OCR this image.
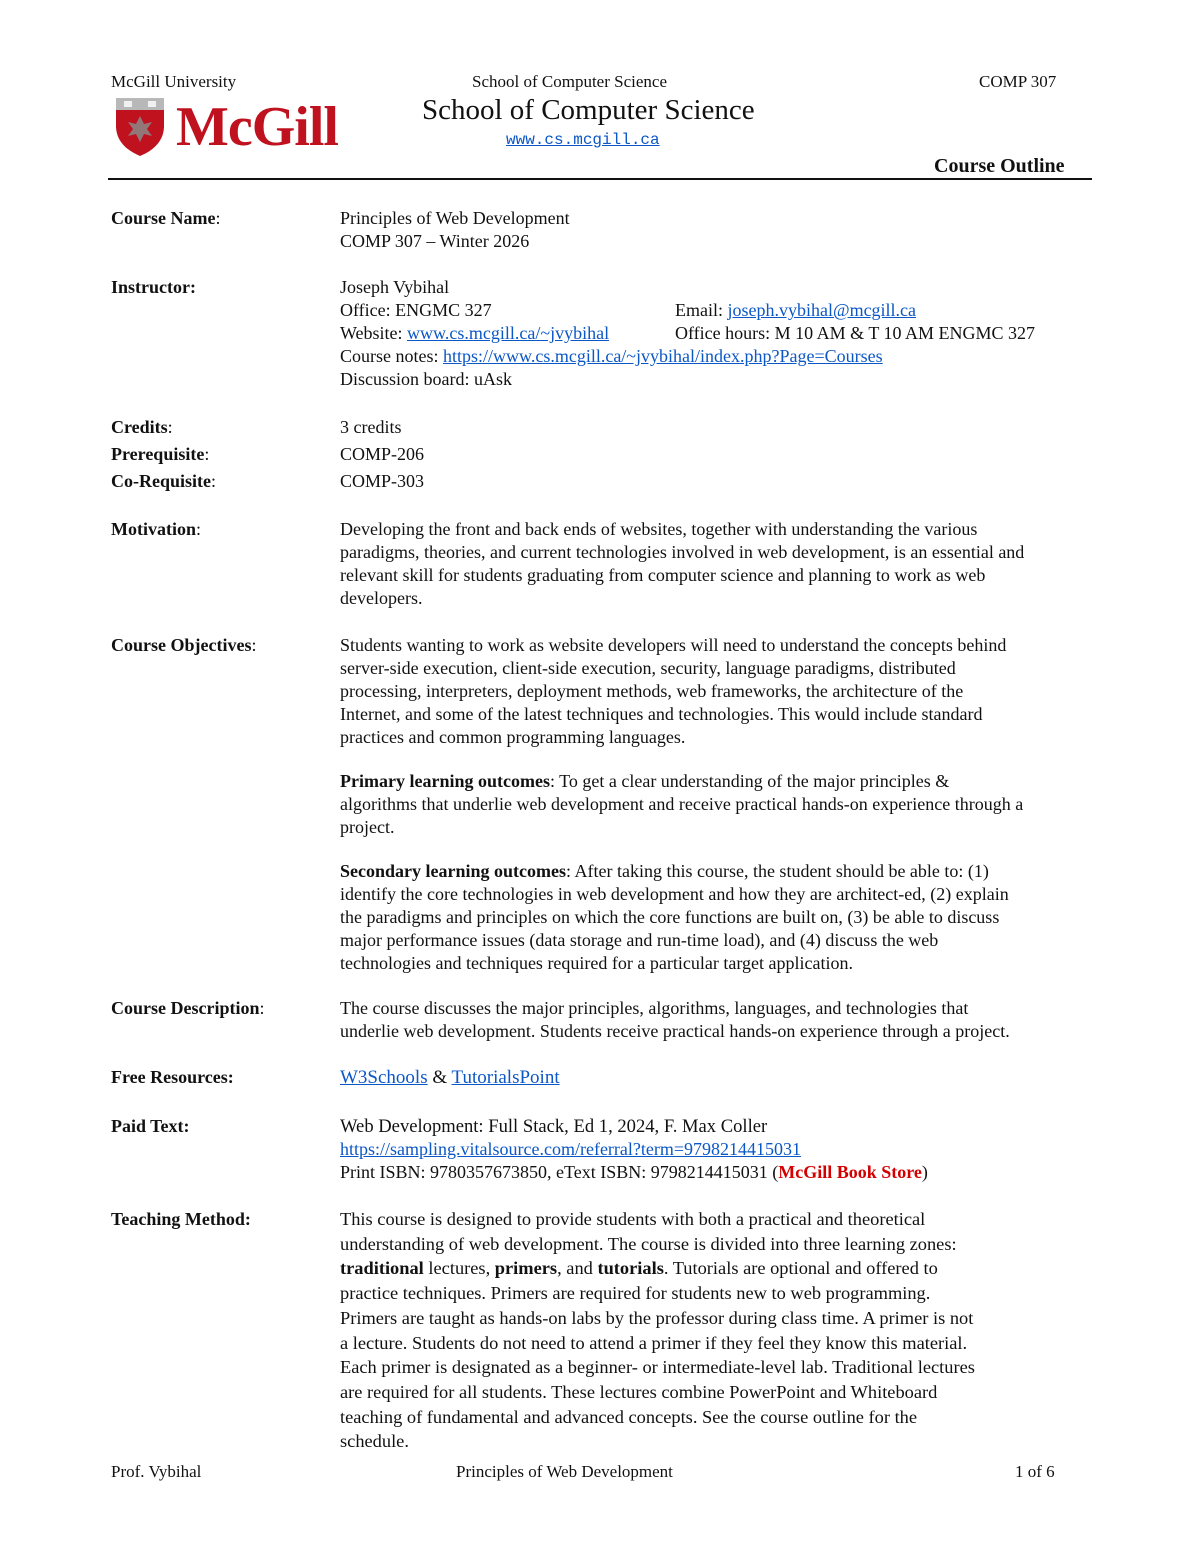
McGill University	School of Computer Science	COMP 307
McGill	School of Computer Science
www.cs.mcgill.ca
Course Outline
Course Name:	Principles of Web Development
COMP 307 – Winter 2026
Instructor:	Joseph Vybihal
Office: ENGMC 327	Email: joseph.vybihal@mcgill.ca
Website: www.cs.mcgill.ca/~jvybihal	Office hours: M 10 AM & T 10 AM ENGMC 327
Course notes: https://www.cs.mcgill.ca/~jvybihal/index.php?Page=Courses
Discussion board: uAsk
Credits:	3 credits
Prerequisite:	COMP-206
Co-Requisite:	COMP-303
Motivation:	Developing the front and back ends of websites, together with understanding the various
paradigms, theories, and current technologies involved in web development, is an essential and
relevant skill for students graduating from computer science and planning to work as web
developers.
Course Objectives:	Students wanting to work as website developers will need to understand the concepts behind
server-side execution, client-side execution, security, language paradigms, distributed
processing, interpreters, deployment methods, web frameworks, the architecture of the
Internet, and some of the latest techniques and technologies. This would include standard
practices and common programming languages.
Primary learning outcomes: To get a clear understanding of the major principles &
algorithms that underlie web development and receive practical hands-on experience through a
project.
Secondary learning outcomes: After taking this course, the student should be able to: (1)
identify the core technologies in web development and how they are architect-ed, (2) explain
the paradigms and principles on which the core functions are built on, (3) be able to discuss
major performance issues (data storage and run-time load), and (4) discuss the web
technologies and techniques required for a particular target application.
Course Description:	The course discusses the major principles, algorithms, languages, and technologies that
underlie web development. Students receive practical hands-on experience through a project.
Free Resources:	W3Schools & TutorialsPoint
Paid Text:	Web Development: Full Stack, Ed 1, 2024, F. Max Coller
https://sampling.vitalsource.com/referral?term=9798214415031
Print ISBN: 9780357673850, eText ISBN: 9798214415031 (McGill Book Store)
Teaching Method:	This course is designed to provide students with both a practical and theoretical
understanding of web development. The course is divided into three learning zones:
traditional lectures, primers, and tutorials. Tutorials are optional and offered to
practice techniques. Primers are required for students new to web programming.
Primers are taught as hands-on labs by the professor during class time. A primer is not
a lecture. Students do not need to attend a primer if they feel they know this material.
Each primer is designated as a beginner- or intermediate-level lab. Traditional lectures
are required for all students. These lectures combine PowerPoint and Whiteboard
teaching of fundamental and advanced concepts. See the course outline for the
schedule.
Prof. Vybihal	Principles of Web Development	1 of 6
